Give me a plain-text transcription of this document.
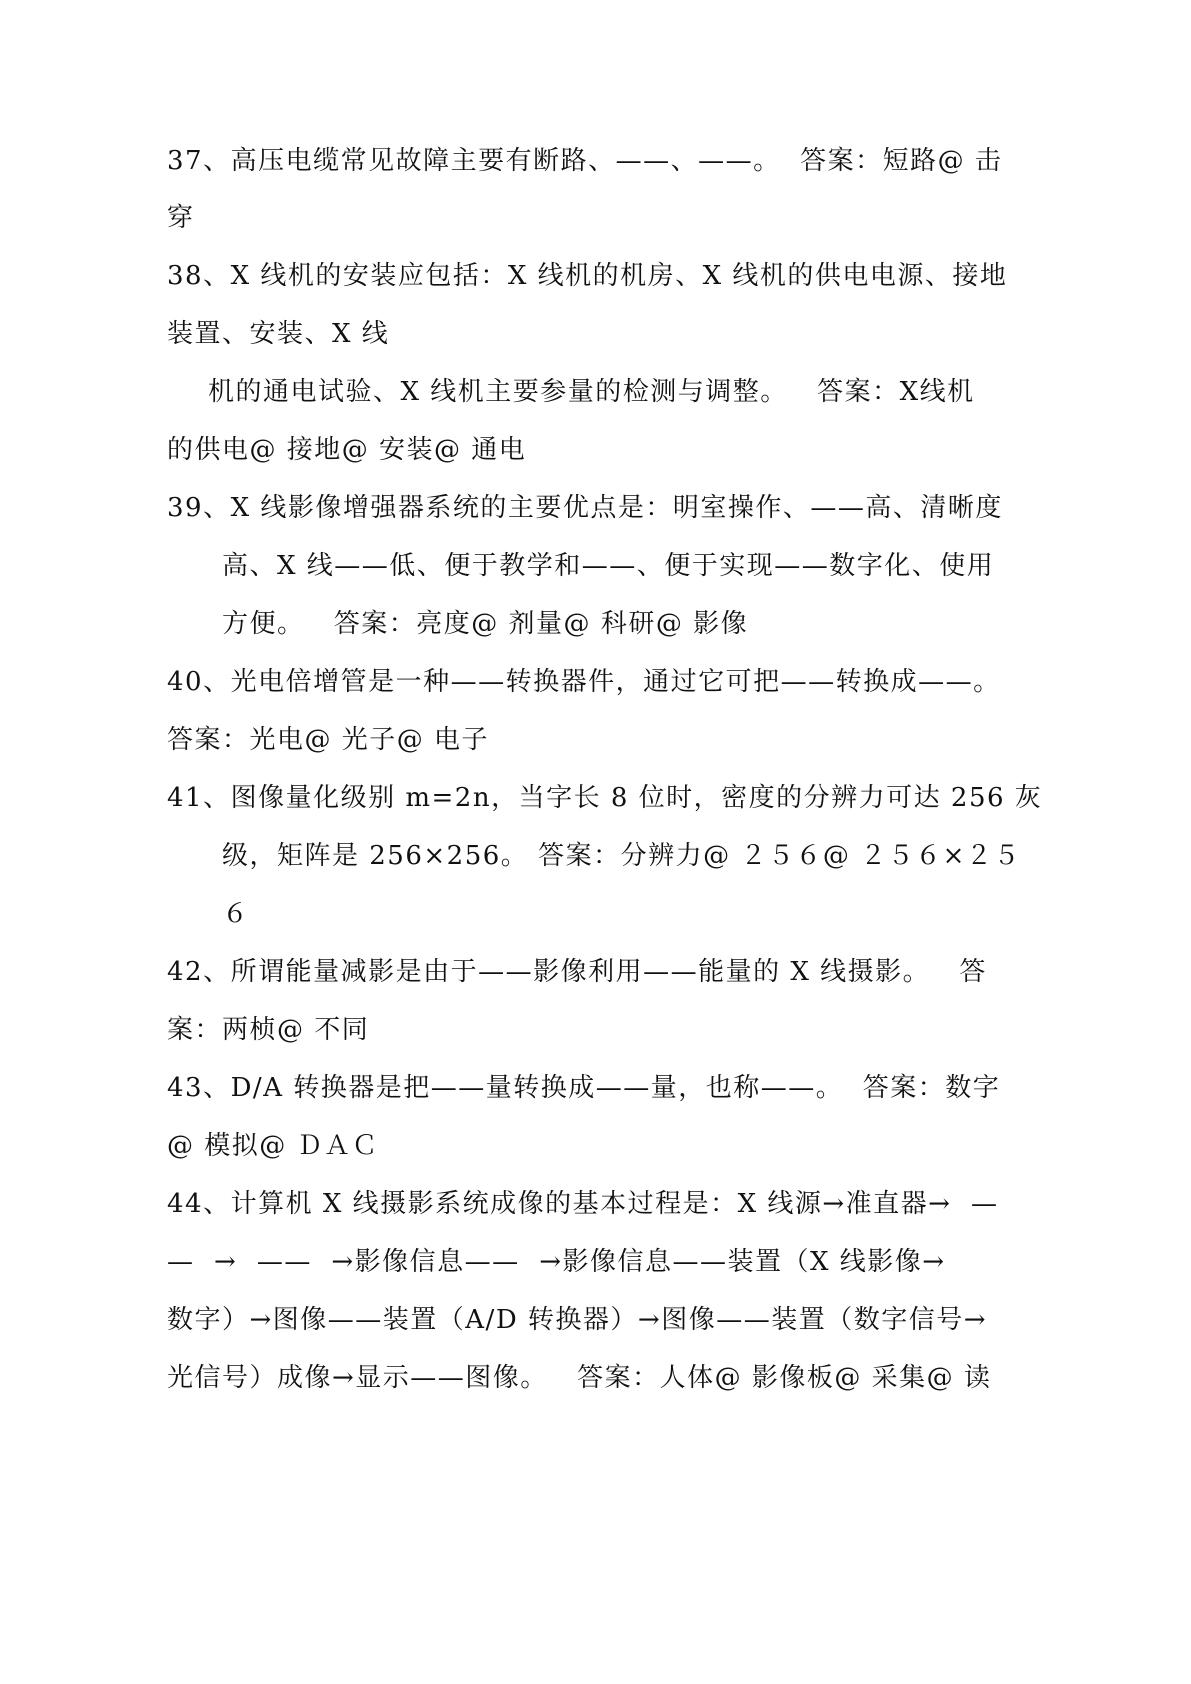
37、高压电缆常见故障主要有断路、——、——。  答案：短路@ 击
穿
38、X 线机的安装应包括：X 线机的机房、X 线机的供电电源、接地
装置、安装、X 线
机的通电试验、X 线机主要参量的检测与调整。   答案：X线机
的供电@ 接地@ 安装@ 通电
39、X 线影像增强器系统的主要优点是：明室操作、——高、清晰度
高、X 线——低、便于教学和——、便于实现——数字化、使用
方便。   答案：亮度@ 剂量@ 科研@ 影像
40、光电倍增管是一种——转换器件，通过它可把——转换成——。
答案：光电@ 光子@ 电子
41、图像量化级别 m=2n，当字长 8 位时，密度的分辨力可达 256 灰
级，矩阵是 256×256。 答案：分辨力@ ２５６@ ２５６×２５
６
42、所谓能量减影是由于——影像利用——能量的 X 线摄影。   答
案：两桢@ 不同
43、D/A 转换器是把——量转换成——量，也称——。  答案：数字
@ 模拟@ ＤＡＣ
44、计算机 X 线摄影系统成像的基本过程是：X 线源→准直器→  —
—  →  ——  →影像信息——  →影像信息——装置（X 线影像→
数字）→图像——装置（A/D 转换器）→图像——装置（数字信号→
光信号）成像→显示——图像。   答案：人体@ 影像板@ 采集@ 读
